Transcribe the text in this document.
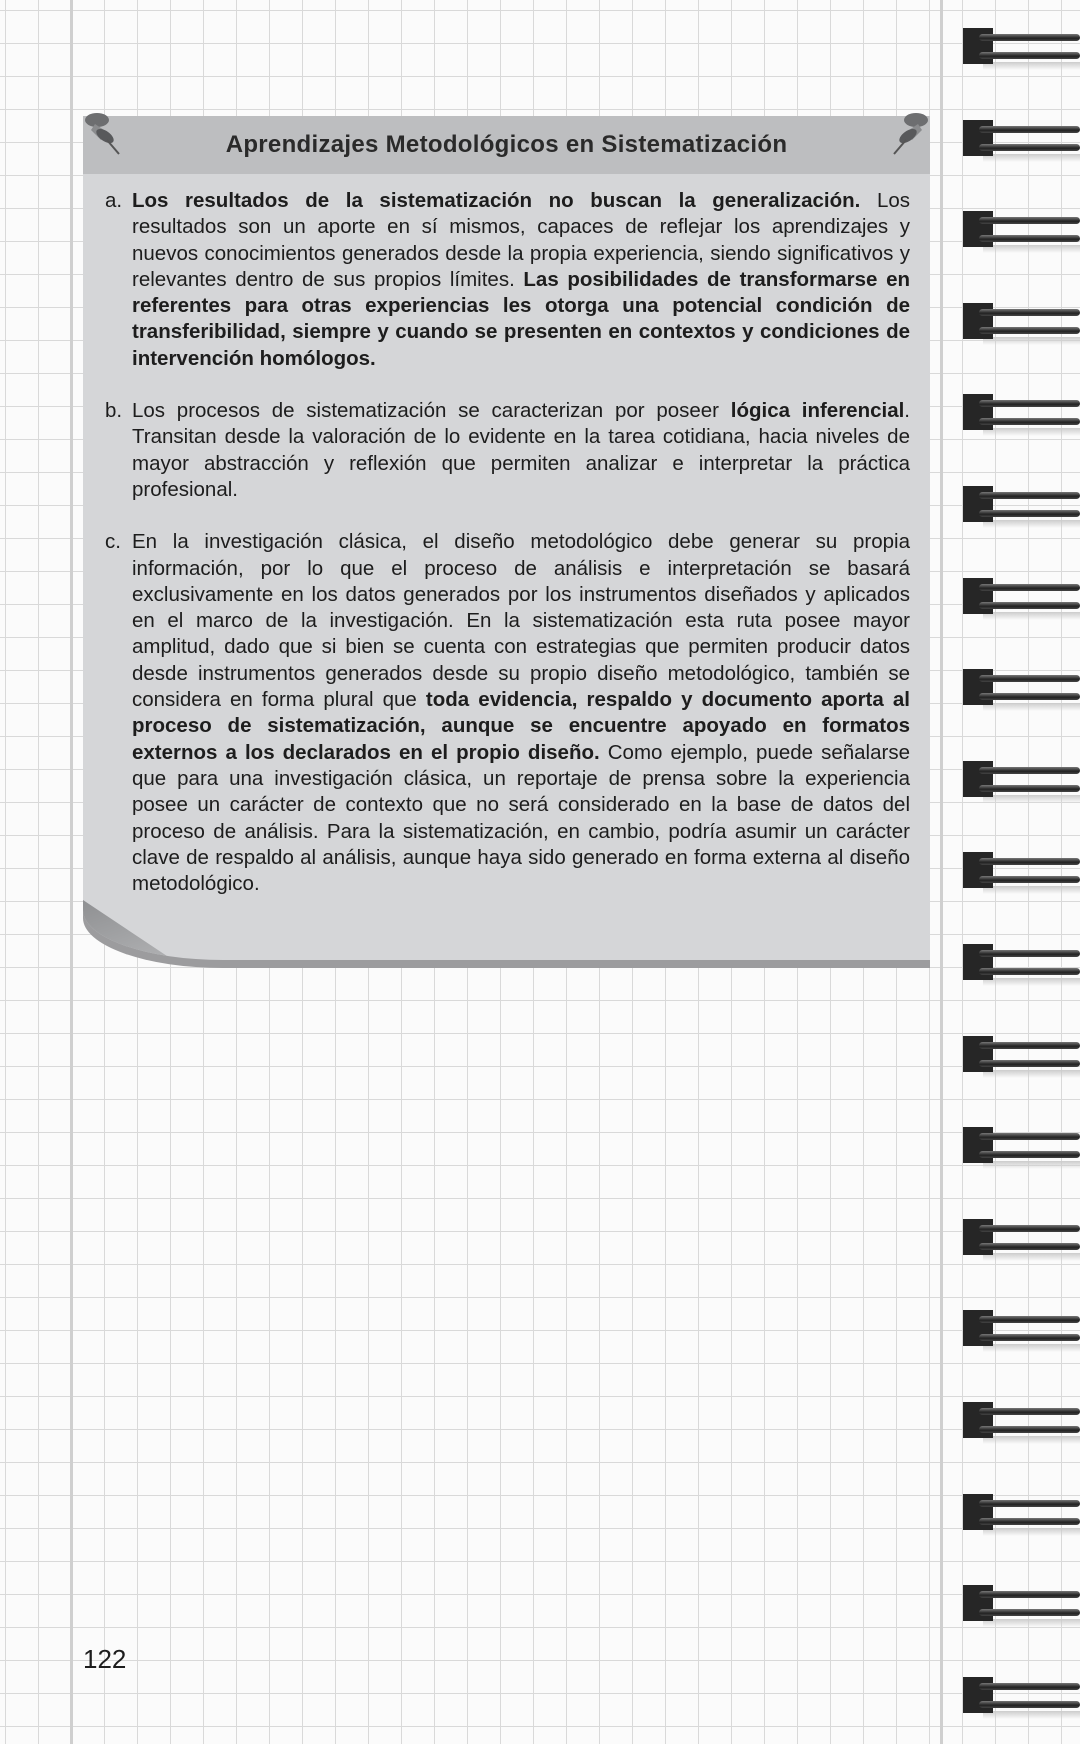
Aprendizajes Metodológicos en Sistematización
a. Los resultados de la sistematización no buscan la generalización. Los resultados son un aporte en sí mismos, capaces de reflejar los aprendizajes y nuevos conocimientos generados desde la propia experiencia, siendo significativos y relevantes dentro de sus propios límites. Las posibilidades de transformarse en referentes para otras experiencias les otorga una potencial condición de transferibilidad, siempre y cuando se presenten en contextos y condiciones de intervención homólogos.
b. Los procesos de sistematización se caracterizan por poseer lógica inferencial. Transitan desde la valoración de lo evidente en la tarea cotidiana, hacia niveles de mayor abstracción y reflexión que permiten analizar e interpretar la práctica profesional.
c. En la investigación clásica, el diseño metodológico debe generar su propia información, por lo que el proceso de análisis e interpretación se basará exclusivamente en los datos generados por los instrumentos diseñados y aplicados en el marco de la investigación. En la sistematización esta ruta posee mayor amplitud, dado que si bien se cuenta con estrategias que permiten producir datos desde instrumentos generados desde su propio diseño metodológico, también se considera en forma plural que toda evidencia, respaldo y documento aporta al proceso de sistematización, aunque se encuentre apoyado en formatos externos a los declarados en el propio diseño. Como ejemplo, puede señalarse que para una investigación clásica, un reportaje de prensa sobre la experiencia posee un carácter de contexto que no será considerado en la base de datos del proceso de análisis. Para la sistematización, en cambio, podría asumir un carácter clave de respaldo al análisis, aunque haya sido generado en forma externa al diseño metodológico.
122
